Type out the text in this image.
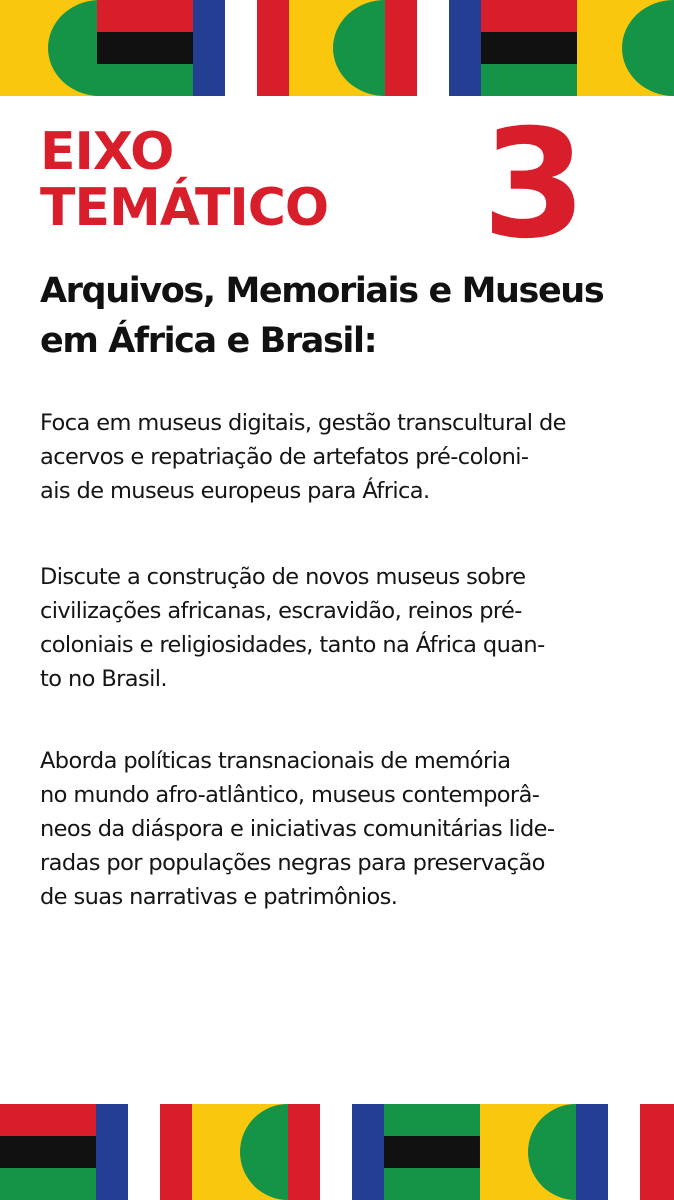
EIXO
TEMÁTICO 3
Arquivos, Memoriais e Museus
em África e Brasil:

Foca em museus digitais, gestão transcultural de
acervos e repatriação de artefatos pré-coloni-
ais de museus europeus para África.

Discute a construção de novos museus sobre
civilizações africanas, escravidão, reinos pré-
coloniais e religiosidades, tanto na África quan-
to no Brasil.

Aborda políticas transnacionais de memória
no mundo afro-atlântico, museus contemporâ-
neos da diáspora e iniciativas comunitárias lide-
radas por populações negras para preservação
de suas narrativas e patrimônios.
